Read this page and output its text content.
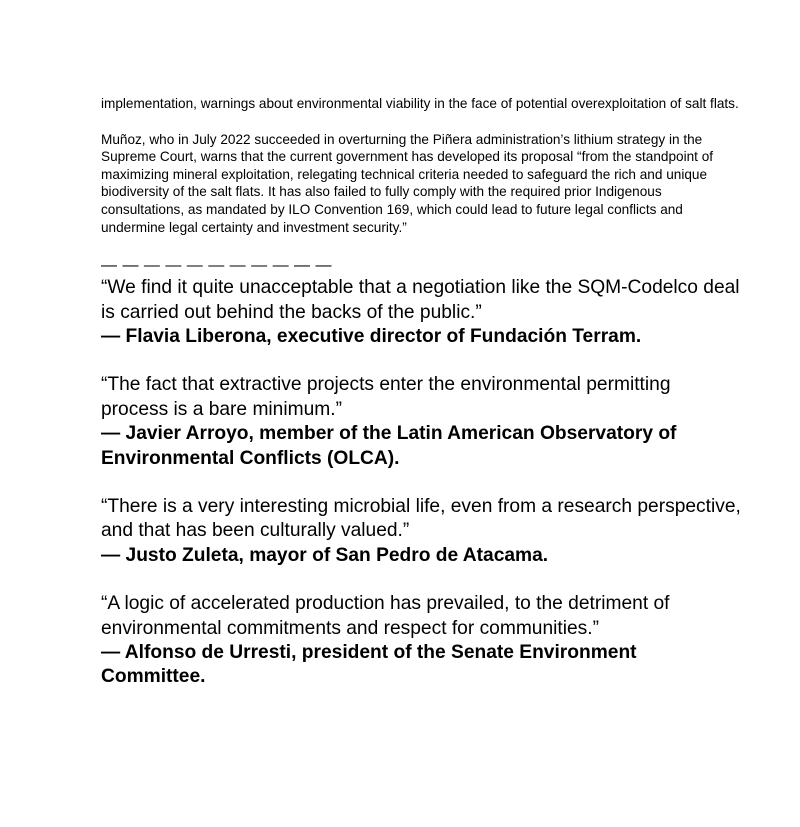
implementation, warnings about environmental viability in the face of potential overexploitation of salt flats.

Muñoz, who in July 2022 succeeded in overturning the Piñera administration’s lithium strategy in the Supreme Court, warns that the current government has developed its proposal “from the standpoint of maximizing mineral exploitation, relegating technical criteria needed to safeguard the rich and unique biodiversity of the salt flats. It has also failed to fully comply with the required prior Indigenous consultations, as mandated by ILO Convention 169, which could lead to future legal conflicts and undermine legal certainty and investment security.”

— — — — — — — — — — —

“We find it quite unacceptable that a negotiation like the SQM-Codelco deal is carried out behind the backs of the public.”
— Flavia Liberona, executive director of Fundación Terram.
“The fact that extractive projects enter the environmental permitting process is a bare minimum.”
— Javier Arroyo, member of the Latin American Observatory of Environmental Conflicts (OLCA).
“There is a very interesting microbial life, even from a research perspective, and that has been culturally valued.”
— Justo Zuleta, mayor of San Pedro de Atacama.
“A logic of accelerated production has prevailed, to the detriment of environmental commitments and respect for communities.”
— Alfonso de Urresti, president of the Senate Environment Committee.
